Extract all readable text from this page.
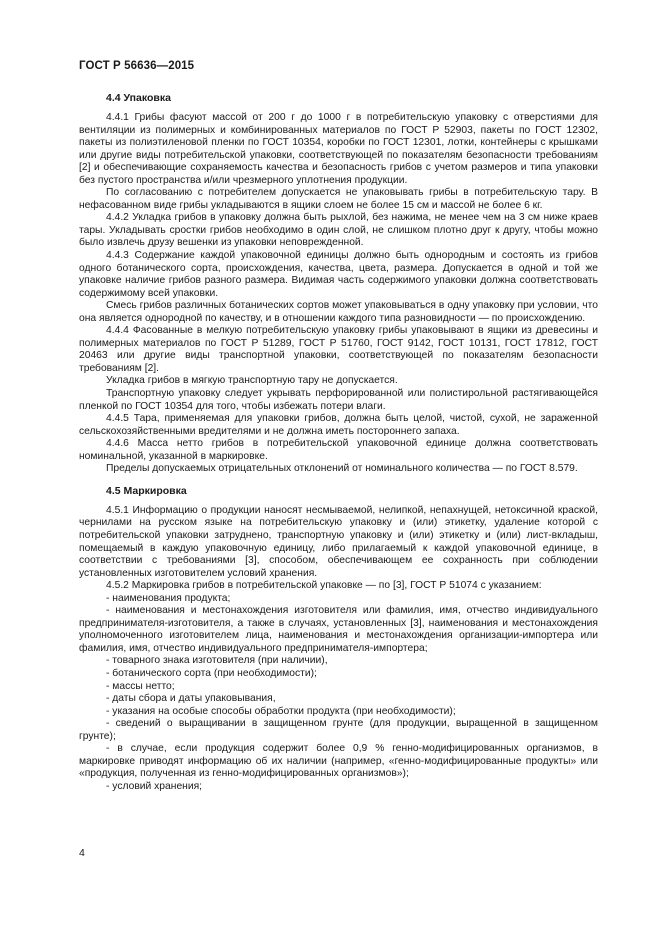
ГОСТ Р 56636—2015
4.4 Упаковка

4.4.1 Грибы фасуют массой от 200 г до 1000 г в потребительскую упаковку с отверстиями для вентиляции из полимерных и комбинированных материалов по ГОСТ Р 52903, пакеты по ГОСТ 12302, пакеты из полиэтиленовой пленки по ГОСТ 10354, коробки по ГОСТ 12301, лотки, контейнеры с крышками или другие виды потребительской упаковки, соответствующей по показателям безопасности требованиям [2] и обеспечивающие сохраняемость качества и безопасность грибов с учетом размеров и типа упаковки без пустого пространства и/или чрезмерного уплотнения продукции.

По согласованию с потребителем допускается не упаковывать грибы в потребительскую тару. В нефасованном виде грибы укладываются в ящики слоем не более 15 см и массой не более 6 кг.

4.4.2 Укладка грибов в упаковку должна быть рыхлой, без нажима, не менее чем на 3 см ниже краев тары. Укладывать сростки грибов необходимо в один слой, не слишком плотно друг к другу, чтобы можно было извлечь друзу вешенки из упаковки неповрежденной.

4.4.3 Содержание каждой упаковочной единицы должно быть однородным и состоять из грибов одного ботанического сорта, происхождения, качества, цвета, размера. Допускается в одной и той же упаковке наличие грибов разного размера. Видимая часть содержимого упаковки должна соответствовать содержимому всей упаковки.

Смесь грибов различных ботанических сортов может упаковываться в одну упаковку при условии, что она является однородной по качеству, и в отношении каждого типа разновидности — по происхождению.

4.4.4 Фасованные в мелкую потребительскую упаковку грибы упаковывают в ящики из древесины и полимерных материалов по ГОСТ Р 51289, ГОСТ Р 51760, ГОСТ 9142, ГОСТ 10131, ГОСТ 17812, ГОСТ 20463 или другие виды транспортной упаковки, соответствующей по показателям безопасности требованиям [2].

Укладка грибов в мягкую транспортную тару не допускается.

Транспортную упаковку следует укрывать перфорированной или полистирольной растягивающейся пленкой по ГОСТ 10354 для того, чтобы избежать потери влаги.

4.4.5 Тара, применяемая для упаковки грибов, должна быть целой, чистой, сухой, не зараженной сельскохозяйственными вредителями и не должна иметь постороннего запаха.

4.4.6 Масса нетто грибов в потребительской упаковочной единице должна соответствовать номинальной, указанной в маркировке.

Пределы допускаемых отрицательных отклонений от номинального количества — по ГОСТ 8.579.

4.5 Маркировка

4.5.1 Информацию о продукции наносят несмываемой, нелипкой, непахнущей, нетоксичной краской, чернилами на русском языке на потребительскую упаковку и (или) этикетку, удаление которой с потребительской упаковки затруднено, транспортную упаковку и (или) этикетку и (или) лист-вкладыш, помещаемый в каждую упаковочную единицу, либо прилагаемый к каждой упаковочной единице, в соответствии с требованиями [3], способом, обеспечивающем ее сохранность при соблюдении установленных изготовителем условий хранения.

4.5.2 Маркировка грибов в потребительской упаковке — по [3], ГОСТ Р 51074 с указанием:

- наименования продукта;

- наименования и местонахождения изготовителя или фамилия, имя, отчество индивидуального предпринимателя-изготовителя, а также в случаях, установленных [3], наименования и местонахождения уполномоченного изготовителем лица, наименования и местонахождения организации-импортера или фамилия, имя, отчество индивидуального предпринимателя-импортера;

- товарного знака изготовителя (при наличии),

- ботанического сорта (при необходимости);

- массы нетто;

- даты сбора и даты упаковывания,

- указания на особые способы обработки продукта (при необходимости);

- сведений о выращивании в защищенном грунте (для продукции, выращенной в защищенном грунте);

- в случае, если продукция содержит более 0,9 % генно-модифицированных организмов, в маркировке приводят информацию об их наличии (например, «генно-модифицированные продукты» или «продукция, полученная из генно-модифицированных организмов»);

- условий хранения;

4
